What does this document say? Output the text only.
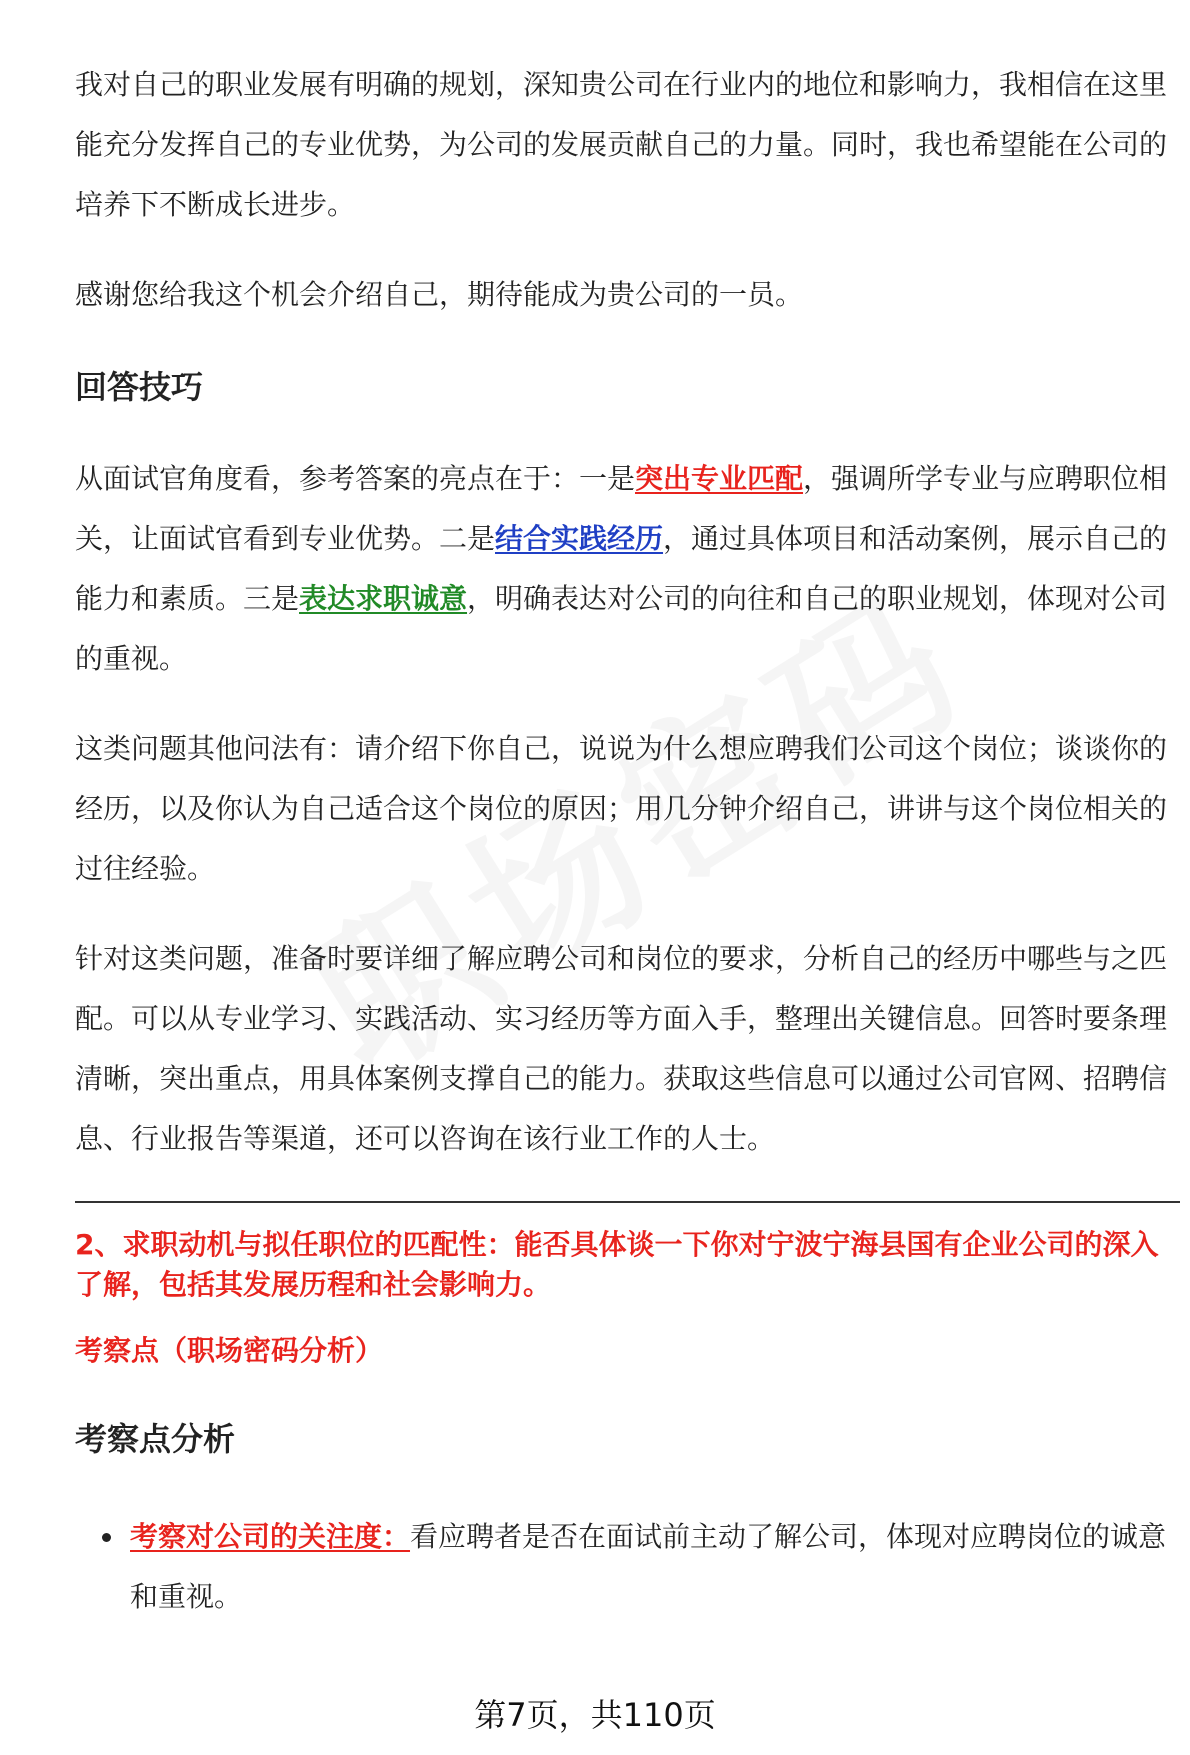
我对自己的职业发展有明确的规划，深知贵公司在行业内的地位和影响力，我相信在这里能充分发挥自己的专业优势，为公司的发展贡献自己的力量。同时，我也希望能在公司的培养下不断成长进步。

感谢您给我这个机会介绍自己，期待能成为贵公司的一员。

回答技巧

从面试官角度看，参考答案的亮点在于：一是突出专业匹配，强调所学专业与应聘职位相关，让面试官看到专业优势。二是结合实践经历，通过具体项目和活动案例，展示自己的能力和素质。三是表达求职诚意，明确表达对公司的向往和自己的职业规划，体现对公司的重视。

这类问题其他问法有：请介绍下你自己，说说为什么想应聘我们公司这个岗位；谈谈你的经历，以及你认为自己适合这个岗位的原因；用几分钟介绍自己，讲讲与这个岗位相关的过往经验。

针对这类问题，准备时要详细了解应聘公司和岗位的要求，分析自己的经历中哪些与之匹配。可以从专业学习、实践活动、实习经历等方面入手，整理出关键信息。回答时要条理清晰，突出重点，用具体案例支撑自己的能力。获取这些信息可以通过公司官网、招聘信息、行业报告等渠道，还可以咨询在该行业工作的人士。

2、求职动机与拟任职位的匹配性：能否具体谈一下你对宁波宁海县国有企业公司的深入了解，包括其发展历程和社会影响力。

考察点（职场密码分析）

考察点分析
考察对公司的关注度：看应聘者是否在面试前主动了解公司，体现对应聘岗位的诚意和重视。
第7页，共110页
